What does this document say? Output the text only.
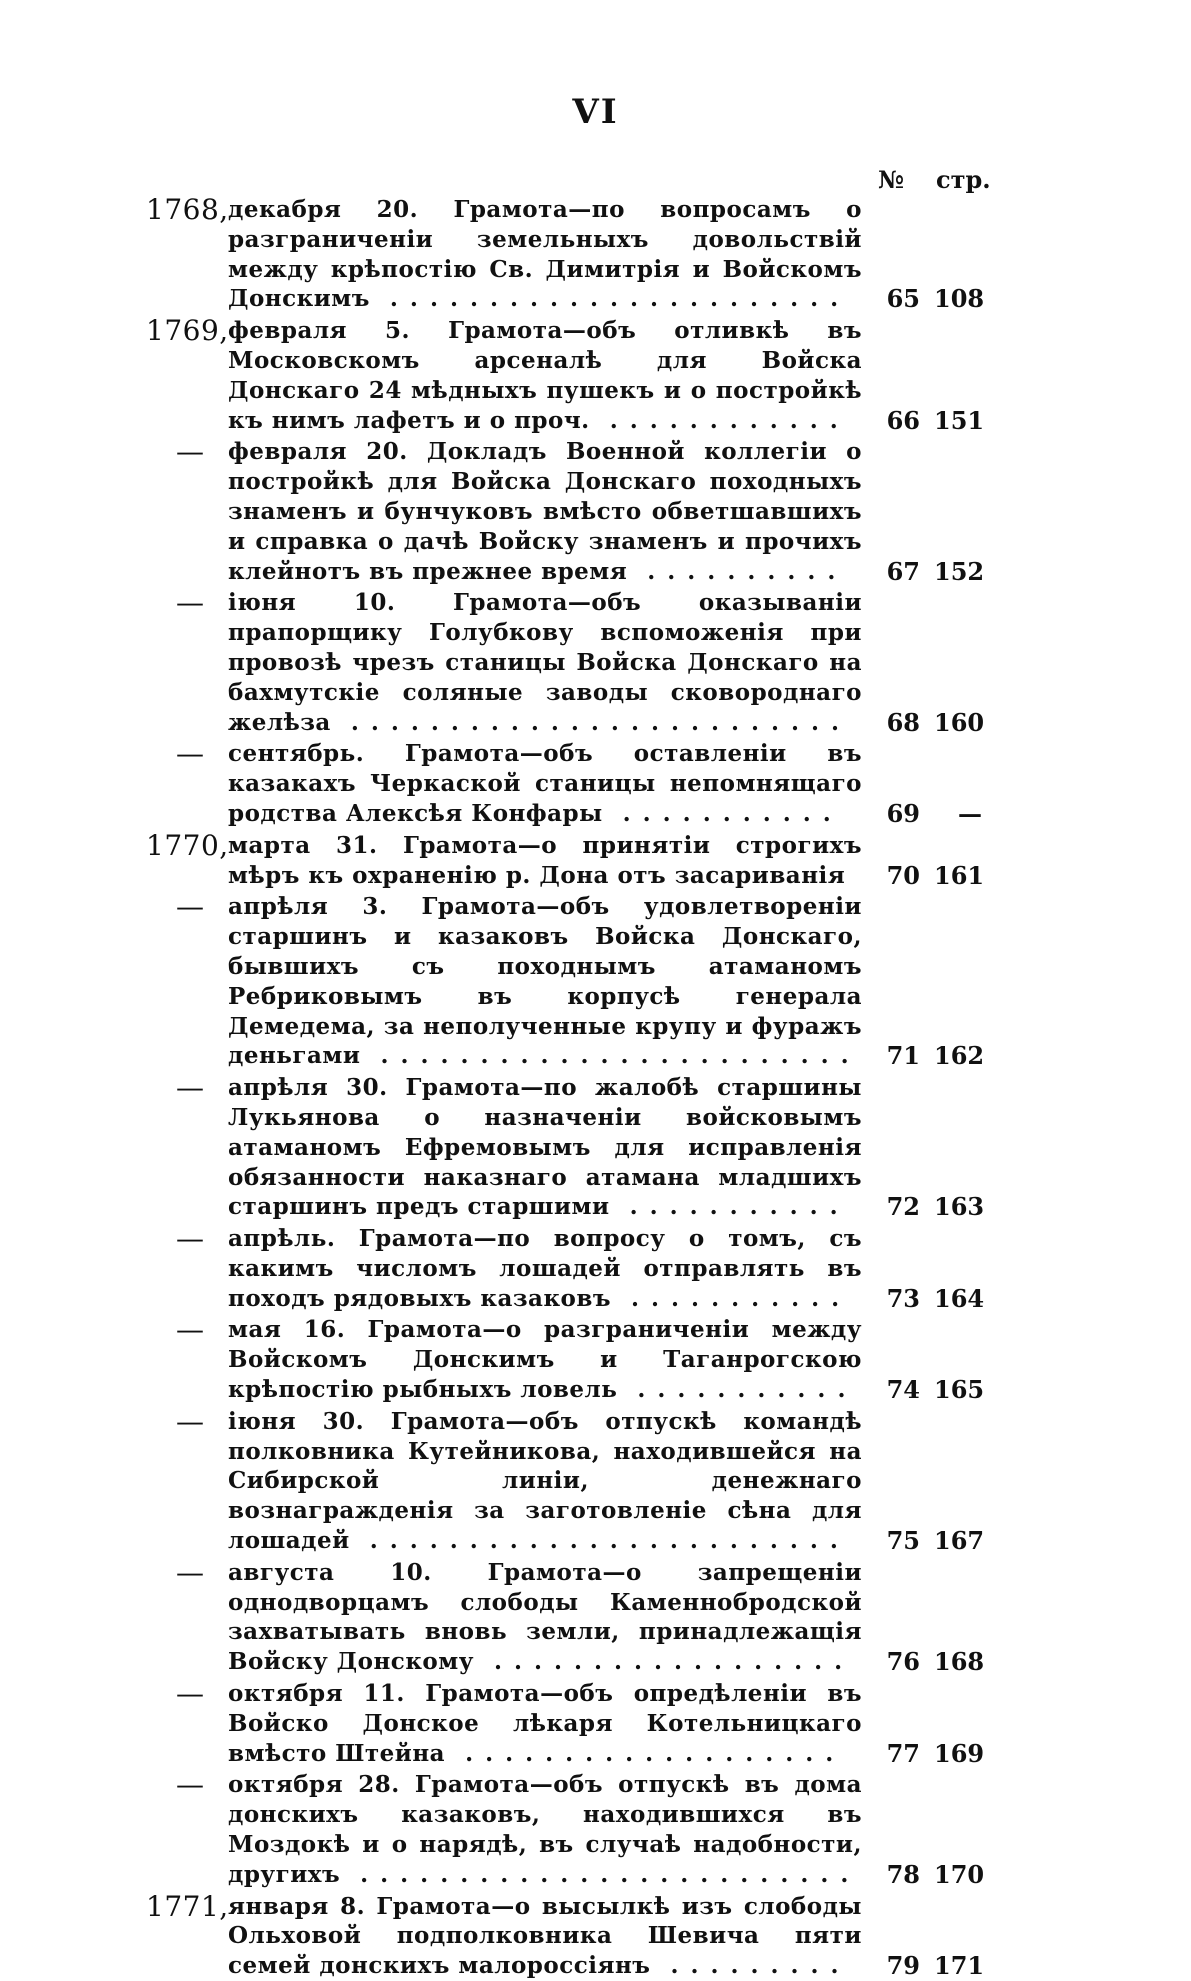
VI
№ стр.
1768, декабря 20. Грамота—по вопросамъ о разграниченіи земельныхъ довольствій между крѣпостію Св. Димитрія и Войскомъ Донскимъ .......................	65 108
1769, февраля 5. Грамота—объ отливкѣ въ Московскомъ арсеналѣ для Войска Донскаго 24 мѣдныхъ пушекъ и о постройкѣ къ нимъ лафетъ и о проч. ............	66 151
— февраля 20. Докладъ Военной коллегіи о постройкѣ для Войска Донскаго походныхъ знаменъ и бунчуковъ вмѣсто обветшавшихъ и справка о дачѣ Войску знаменъ и прочихъ клейнотъ въ прежнее время ..........	67 152
— іюня 10. Грамота—объ оказываніи прапорщику Голубкову вспоможенія при провозѣ чрезъ станицы Войска Донскаго на бахмутскіе соляные заводы сковороднаго желѣза .........................	68 160
— сентябрь. Грамота—объ оставленіи въ казакахъ Черкаской станицы непомнящаго родства Алексѣя Конфары ...........	69	—
1770, марта 31. Грамота—о принятіи строгихъ мѣръ къ охраненію р. Дона отъ засариванія	70 161
— апрѣля 3. Грамота—объ удовлетвореніи старшинъ и казаковъ Войска Донскаго, бывшихъ съ походнымъ атаманомъ Ребриковымъ въ корпусѣ генерала Демедема, за неполученные крупу и фуражъ деньгами ........................ 71 162
— апрѣля 30. Грамота—по жалобѣ старшины Лукьянова о назначеніи войсковымъ атаманомъ Ефремовымъ для исправленія обязанности наказнаго атамана младшихъ старшинъ предъ старшими ...........	72 163
— апрѣль. Грамота—по вопросу о томъ, съ какимъ числомъ лошадей отправлять въ походъ рядовыхъ казаковъ ...........	73 164
— мая 16. Грамота—о разграниченіи между Войскомъ Донскимъ и Таганрогскою крѣпостію рыбныхъ ловель ........... 74 165
— іюня 30. Грамота—объ отпускѣ командѣ полковника Кутейникова, находившейся на Сибирской линіи, денежнаго вознагражденія за заготовленіе сѣна для лошадей ........................	75 167
— августа 10. Грамота—о запрещеніи однодворцамъ слободы Каменнобродской захватывать вновь земли, принадлежащія Войску Донскому ..................	76 168
— октября 11. Грамота—объ опредѣленіи въ Войско Донское лѣкаря Котельницкаго вмѣсто Штейна ...................	77 169
— октября 28. Грамота—объ отпускѣ въ дома донскихъ казаковъ, находившихся въ Моздокѣ и о нарядѣ, въ случаѣ надобности, другихъ ......................... 78 170
1771, января 8. Грамота—о высылкѣ изъ слободы Ольховой подполковника Шевича пяти семей донскихъ малороссіянъ .........	79 171
